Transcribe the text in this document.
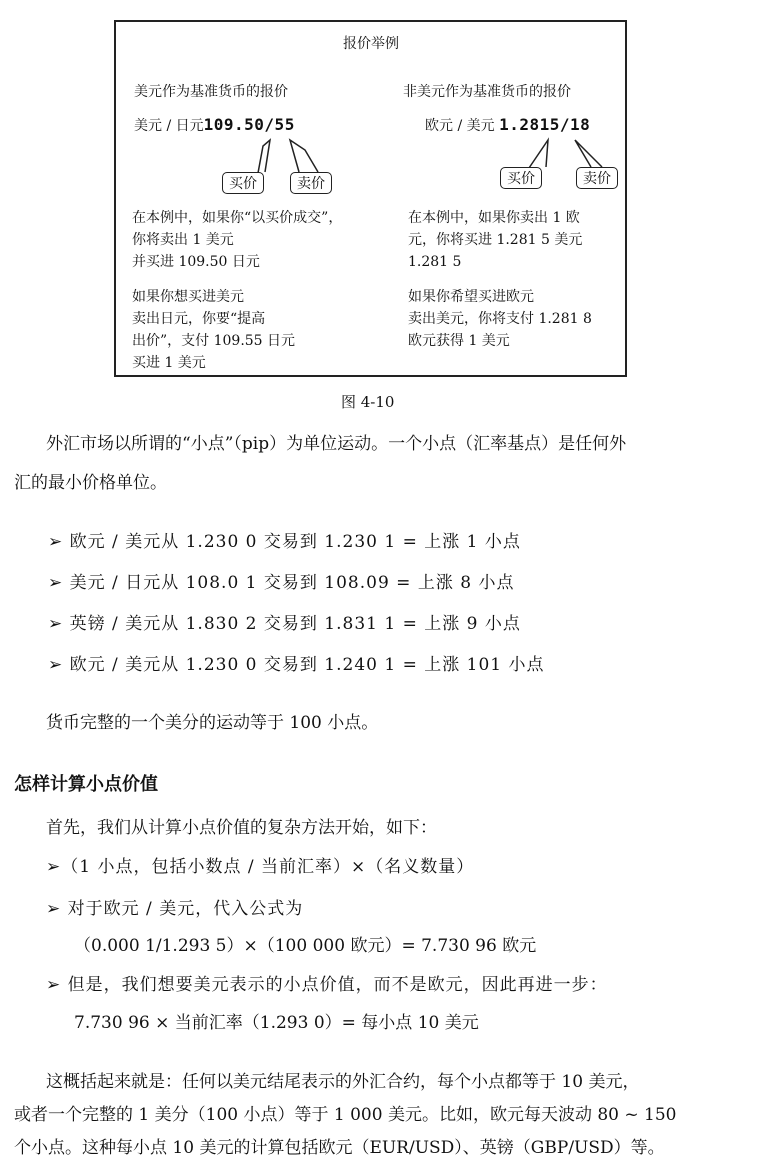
报价举例
美元作为基准货币的报价	非美元作为基准货币的报价
美元 / 日元109.50/55	欧元 / 美元 1.2815/18
买价	卖价	买价	卖价
在本例中，如果你“以买价成交”，
你将卖出 1 美元
并买进 109.50 日元
在本例中，如果你卖出 1 欧
元，你将买进 1.281 5 美元
1.281 5
如果你想买进美元
卖出日元，你要“提高
出价”，支付 109.55 日元
买进 1 美元
如果你希望买进欧元
卖出美元，你将支付 1.281 8
欧元获得 1 美元
图 4-10
外汇市场以所谓的“小点”（pip）为单位运动。一个小点（汇率基点）是任何外
汇的最小价格单位。
➢ 欧元 / 美元从 1.230 0 交易到 1.230 1 = 上涨 1 小点
➢ 美元 / 日元从 108.0 1 交易到 108.09 = 上涨 8 小点
➢ 英镑 / 美元从 1.830 2 交易到 1.831 1 = 上涨 9 小点
➢ 欧元 / 美元从 1.230 0 交易到 1.240 1 = 上涨 101 小点
货币完整的一个美分的运动等于 100 小点。
怎样计算小点价值
首先，我们从计算小点价值的复杂方法开始，如下：
➢（1 小点，包括小数点 / 当前汇率）×（名义数量）
➢ 对于欧元 / 美元，代入公式为
（0.000 1/1.293 5）×（100 000 欧元）= 7.730 96 欧元
➢ 但是，我们想要美元表示的小点价值，而不是欧元，因此再进一步：
7.730 96 × 当前汇率（1.293 0）= 每小点 10 美元
这概括起来就是：任何以美元结尾表示的外汇合约，每个小点都等于 10 美元，
或者一个完整的 1 美分（100 小点）等于 1 000 美元。比如，欧元每天波动 80 ~ 150
个小点。这种每小点 10 美元的计算包括欧元（EUR/USD）、英镑（GBP/USD）等。
